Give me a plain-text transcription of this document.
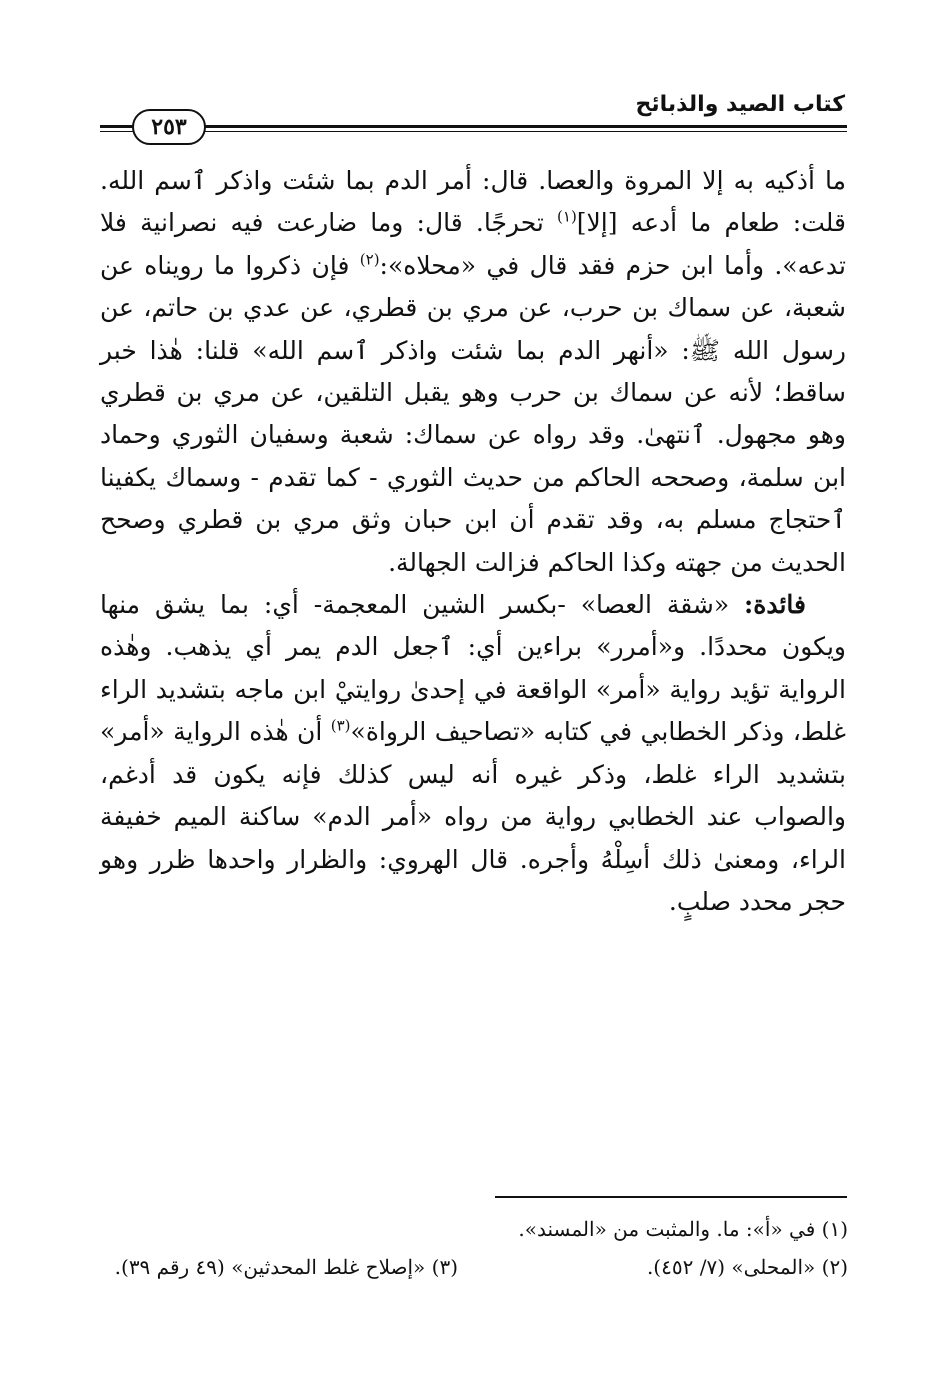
كتاب الصيد والذبائح
٢٥٣

ما أذكيه به إلا المروة والعصا. قال: أمر الدم بما شئت واذكر ٱسم الله. قلت: طعام ما أدعه [إلا]$^{(١)}$ تحرجًا. قال: وما ضارعت فيه نصرانية فلا تدعه». وأما ابن حزم فقد قال في «محلاه»:$^{(٢)}$ فإن ذكروا ما رويناه عن شعبة، عن سماك بن حرب، عن مري بن قطري، عن عدي بن حاتم، عن رسول الله ﷺ: «أنهر الدم بما شئت واذكر ٱسم الله» قلنا: هٰذا خبر ساقط؛ لأنه عن سماك بن حرب وهو يقبل التلقين، عن مري بن قطري وهو مجهول. ٱنتهىٰ. وقد رواه عن سماك: شعبة وسفيان الثوري وحماد ابن سلمة، وصححه الحاكم من حديث الثوري - كما تقدم - وسماك يكفينا ٱحتجاج مسلم به، وقد تقدم أن ابن حبان وثق مري بن قطري وصحح الحديث من جهته وكذا الحاكم فزالت الجهالة.

فائدة: «شقة العصا» -بكسر الشين المعجمة- أي: بما يشق منها ويكون محددًا. و«أمرر» براءين أي: ٱجعل الدم يمر أي يذهب. وهٰذه الرواية تؤيد رواية «أمر» الواقعة في إحدىٰ روايتيْ ابن ماجه بتشديد الراء غلط، وذكر الخطابي في كتابه «تصاحيف الرواة»$^{(٣)}$ أن هٰذه الرواية «أمر» بتشديد الراء غلط، وذكر غيره أنه ليس كذلك فإنه يكون قد أدغم، والصواب عند الخطابي رواية من رواه «أمر الدم» ساكنة الميم خفيفة الراء، ومعنىٰ ذلك أسِلْهُ وأجره. قال الهروي: والظرار واحدها ظرر وهو حجر محدد صلبٍ.

(١) في «أ»: ما. والمثبت من «المسند».
(٢) «المحلى» (٧/ ٤٥٢).
(٣) «إصلاح غلط المحدثين» (٤٩ رقم ٣٩).
